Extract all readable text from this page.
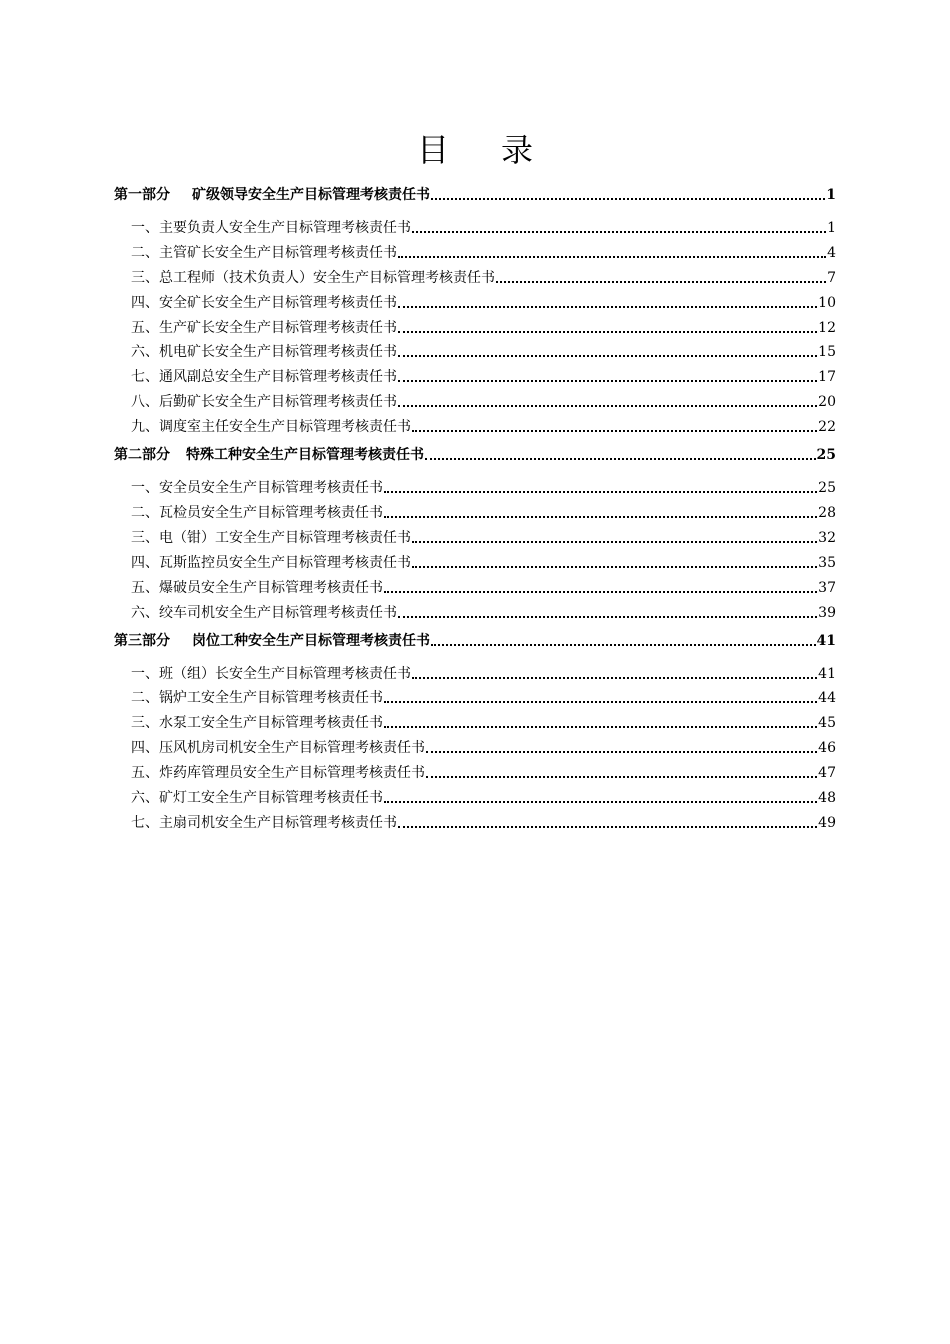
目录
第一部分 矿级领导安全生产目标管理考核责任书	1
一、 主要负责人安全生产目标管理考核责任书	1
二、 主管矿长安全生产目标管理考核责任书	4
三、 总工程师（技术负责人）安全生产目标管理考核责任书	7
四、 安全矿长安全生产目标管理考核责任书	10
五、 生产矿长安全生产目标管理考核责任书	12
六、 机电矿长安全生产目标管理考核责任书	15
七、 通风副总安全生产目标管理考核责任书	17
八、 后勤矿长安全生产目标管理考核责任书	20
九、 调度室主任安全生产目标管理考核责任书	22
第二部分 特殊工种安全生产目标管理考核责任书	25
一、 安全员安全生产目标管理考核责任书	25
二、 瓦检员安全生产目标管理考核责任书	28
三、 电（钳）工安全生产目标管理考核责任书	32
四、 瓦斯监控员安全生产目标管理考核责任书	35
五、 爆破员安全生产目标管理考核责任书	37
六、 绞车司机安全生产目标管理考核责任书	39
第三部分 岗位工种安全生产目标管理考核责任书	41
一、 班（组）长安全生产目标管理考核责任书	41
二、 锅炉工安全生产目标管理考核责任书	44
三、 水泵工安全生产目标管理考核责任书	45
四、 压风机房司机安全生产目标管理考核责任书	46
五、 炸药库管理员安全生产目标管理考核责任书	47
六、 矿灯工安全生产目标管理考核责任书	48
七、 主扇司机安全生产目标管理考核责任书	49
